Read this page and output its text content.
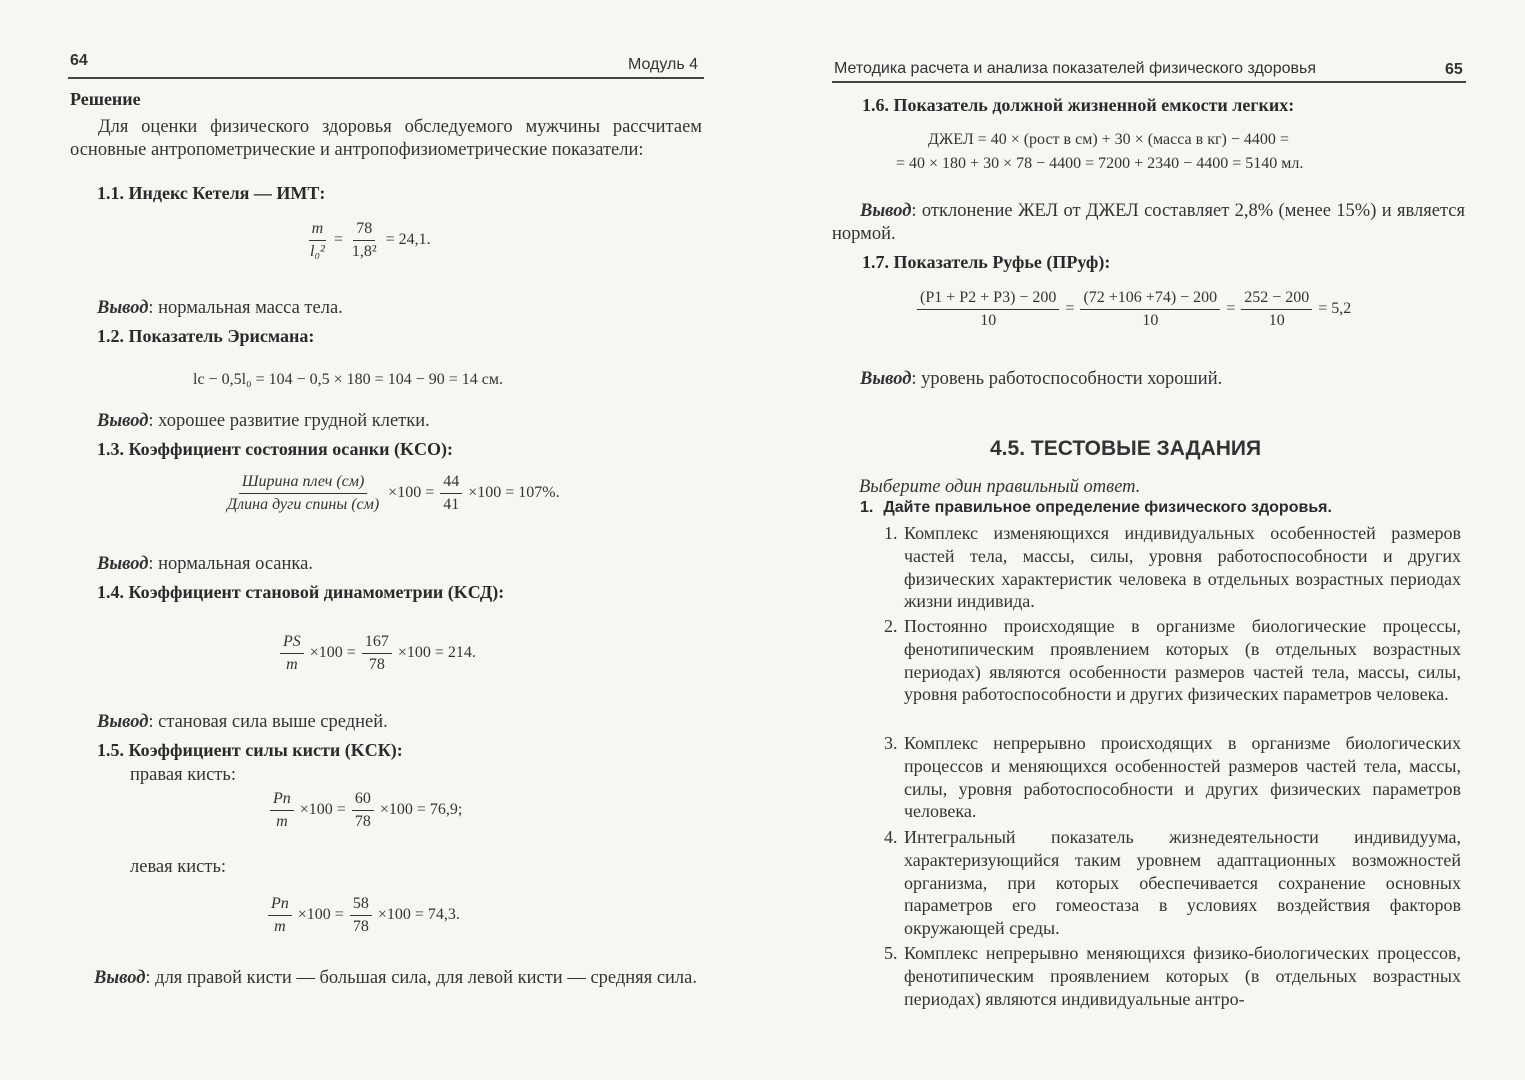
64	Модуль 4
Решение
Для оценки физического здоровья обследуемого мужчины рассчитаем основные антропометрические и антропофизиометрические показатели:
1.1. Индекс Кетеля — ИМТ:
$\frac{m}{\text{l₀²}} = \frac{78}{\text{1,8²}} = 24,1$.
Вывод: нормальная масса тела.
1.2. Показатель Эрисмана:
lс − 0,5l₀ = 104 − 0,5 × 180 = 104 − 90 = 14 см.
Вывод: хорошее развитие грудной клетки.
1.3. Коэффициент состояния осанки (KСО):
$\frac{\text{Ширина плеч (см)}}{\text{Длина дуги спины (см)}} \times 100 = \frac{44}{41} \times 100 = 107\%$.
Вывод: нормальная осанка.
1.4. Коэффициент становой динамометрии (KСД):
$\frac{PS}{m} \times 100 = \frac{167}{78} \times 100 = 214$.
Вывод: становая сила выше средней.
1.5. Коэффициент силы кисти (KСК):
правая кисть:
$\frac{Pп}{m} \times 100 = \frac{60}{78} \times 100 = 76,9$;
левая кисть:
$\frac{Pп}{m} \times 100 = \frac{58}{78} \times 100 = 74,3$.
Вывод: для правой кисти — большая сила, для левой кисти — средняя сила.
Методика расчета и анализа показателей физического здоровья	65
1.6. Показатель должной жизненной емкости легких:
ДЖЕЛ = 40 × (рост в см) + 30 × (масса в кг) − 4400 =
= 40 × 180 + 30 × 78 − 4400 = 7200 + 2340 − 4400 = 5140 мл.
Вывод: отклонение ЖЕЛ от ДЖЕЛ составляет 2,8% (менее 15%) и является нормой.
1.7. Показатель Руфье (ПРуф):
$\frac{(P1 + P2 + P3) - 200}{10} = \frac{(72 +106 +74) - 200}{10} = \frac{252 - 200}{10} = 5,2$
Вывод: уровень работоспособности хороший.
4.5. ТЕСТОВЫЕ ЗАДАНИЯ
Выберите один правильный ответ.
1. Дайте правильное определение физического здоровья.
1. Комплекс изменяющихся индивидуальных особенностей размеров частей тела, массы, силы, уровня работоспособности и других физических характеристик человека в отдельных возрастных периодах жизни индивида.
2. Постоянно происходящие в организме биологические процессы, фенотипическим проявлением которых (в отдельных возрастных периодах) являются особенности размеров частей тела, массы, силы, уровня работоспособности и других физических параметров человека.
3. Комплекс непрерывно происходящих в организме биологических процессов и меняющихся особенностей размеров частей тела, массы, силы, уровня работоспособности и других физических параметров человека.
4. Интегральный показатель жизнедеятельности индивидуума, характеризующийся таким уровнем адаптационных возможностей организма, при которых обеспечивается сохранение основных параметров его гомеостаза в условиях воздействия факторов окружающей среды.
5. Комплекс непрерывно меняющихся физико-биологических процессов, фенотипическим проявлением которых (в отдельных возрастных периодах) являются индивидуальные антро-
